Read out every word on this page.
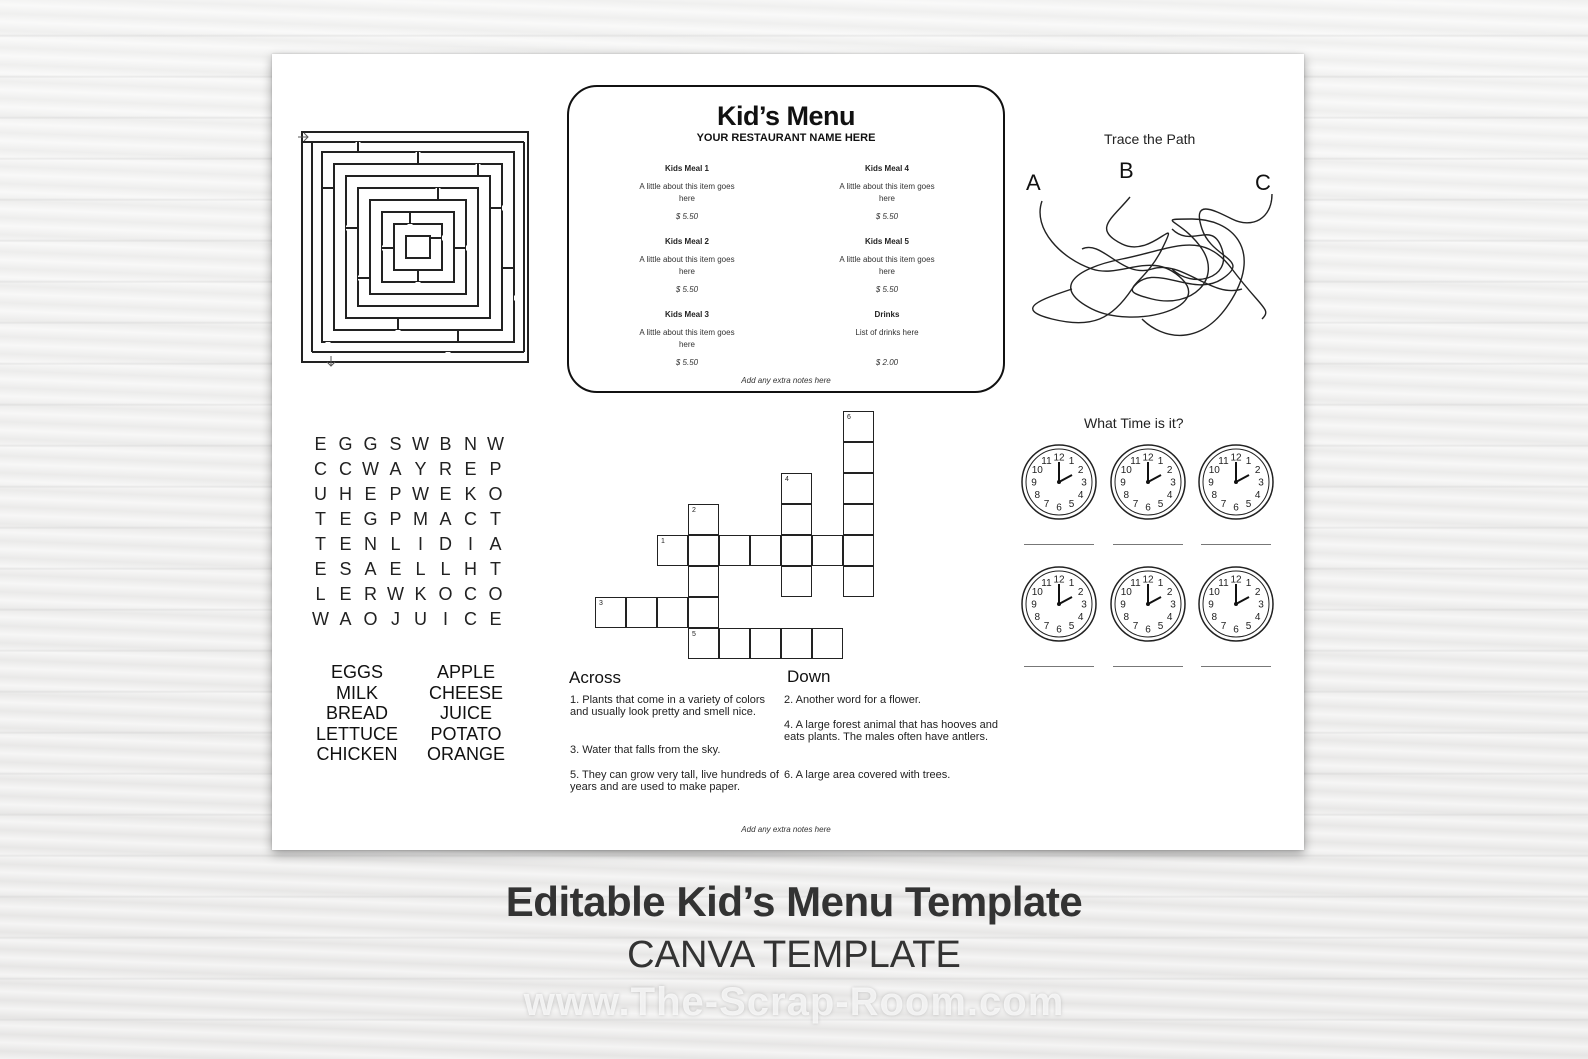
Kid’s Menu
YOUR RESTAURANT NAME HERE
Kids Meal 1
A little about this item goes here
$ 5.50
Kids Meal 2
A little about this item goes here
$ 5.50
Kids Meal 3
A little about this item goes here
$ 5.50
Kids Meal 4
A little about this item goes here
$ 5.50
Kids Meal 5
A little about this item goes here
$ 5.50
Drinks
List of drinks here
$ 2.00
Add any extra notes here
Trace the Path
A	B	C
E G G S W B N W
C C W A Y R E P
U H E P W E K O
T E G P M A C T
T E N L I D I A
E S A E L L H T
L E R W K O C O
W A O J U I C E
EGGS
MILK
BREAD
LETTUCE
CHICKEN
APPLE
CHEESE
JUICE
POTATO
ORANGE
1
2
3
4
5
6
Across	Down
1. Plants that come in a variety of colors and usually look pretty and smell nice.
3. Water that falls from the sky.
5. They can grow very tall, live hundreds of years and are used to make paper.
2. Another word for a flower.
4. A large forest animal that has hooves and eats plants. The males often have antlers.
6. A large area covered with trees.
Add any extra notes here
What Time is it?
12 1
2
3
4
5
6
7
8
9
10
11	12 1
2
3
4
5
6
7
8
9
10
11	12 1
2
3
4
5
6
7
8
9
10
11
12 1
2
3
4
5
6
7
8
9
10
11	12 1
2
3
4
5
6
7
8
9
10
11	12 1
2
3
4
5
6
7
8
9
10
11
Editable Kid’s Menu Template
CANVA TEMPLATE
www.The-Scrap-Room.com
